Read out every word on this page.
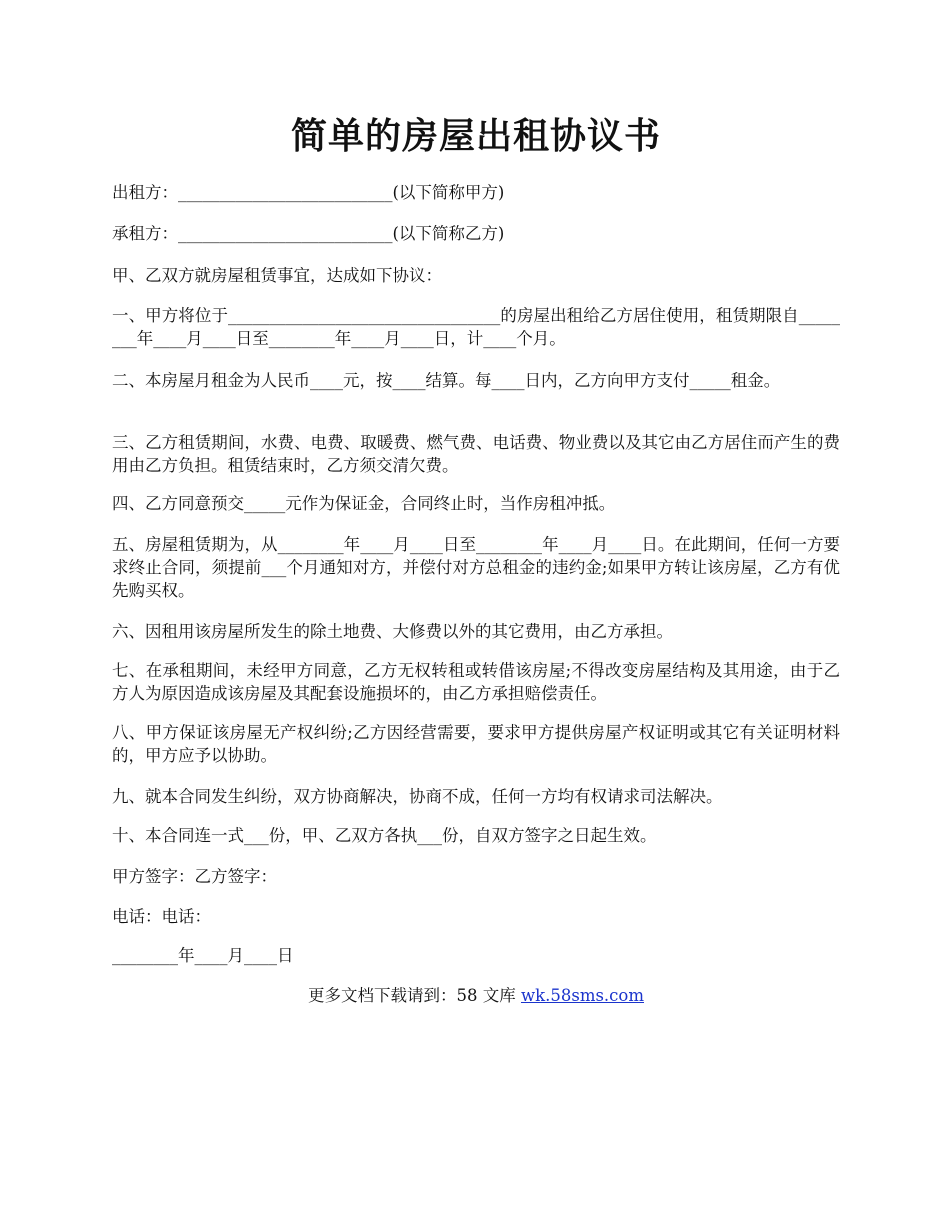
简单的房屋出租协议书

出租方：__________________________(以下简称甲方)

承租方：__________________________(以下简称乙方)

甲、乙双方就房屋租赁事宜，达成如下协议：

一、甲方将位于_________________________________的房屋出租给乙方居住使用，租赁期限自________年____月____日至________年____月____日，计____个月。

二、本房屋月租金为人民币____元，按____结算。每____日内，乙方向甲方支付_____租金。

三、乙方租赁期间，水费、电费、取暖费、燃气费、电话费、物业费以及其它由乙方居住而产生的费用由乙方负担。租赁结束时，乙方须交清欠费。

四、乙方同意预交_____元作为保证金，合同终止时，当作房租冲抵。

五、房屋租赁期为，从________年____月____日至________年____月____日。在此期间，任何一方要求终止合同，须提前___个月通知对方，并偿付对方总租金的违约金;如果甲方转让该房屋，乙方有优先购买权。

六、因租用该房屋所发生的除土地费、大修费以外的其它费用，由乙方承担。

七、在承租期间，未经甲方同意，乙方无权转租或转借该房屋;不得改变房屋结构及其用途，由于乙方人为原因造成该房屋及其配套设施损坏的，由乙方承担赔偿责任。

八、甲方保证该房屋无产权纠纷;乙方因经营需要，要求甲方提供房屋产权证明或其它有关证明材料的，甲方应予以协助。

九、就本合同发生纠纷，双方协商解决，协商不成，任何一方均有权请求司法解决。

十、本合同连一式___份，甲、乙双方各执___份，自双方签字之日起生效。

甲方签字：乙方签字：

电话：电话：

________年____月____日

更多文档下载请到：58 文库 wk.58sms.com
